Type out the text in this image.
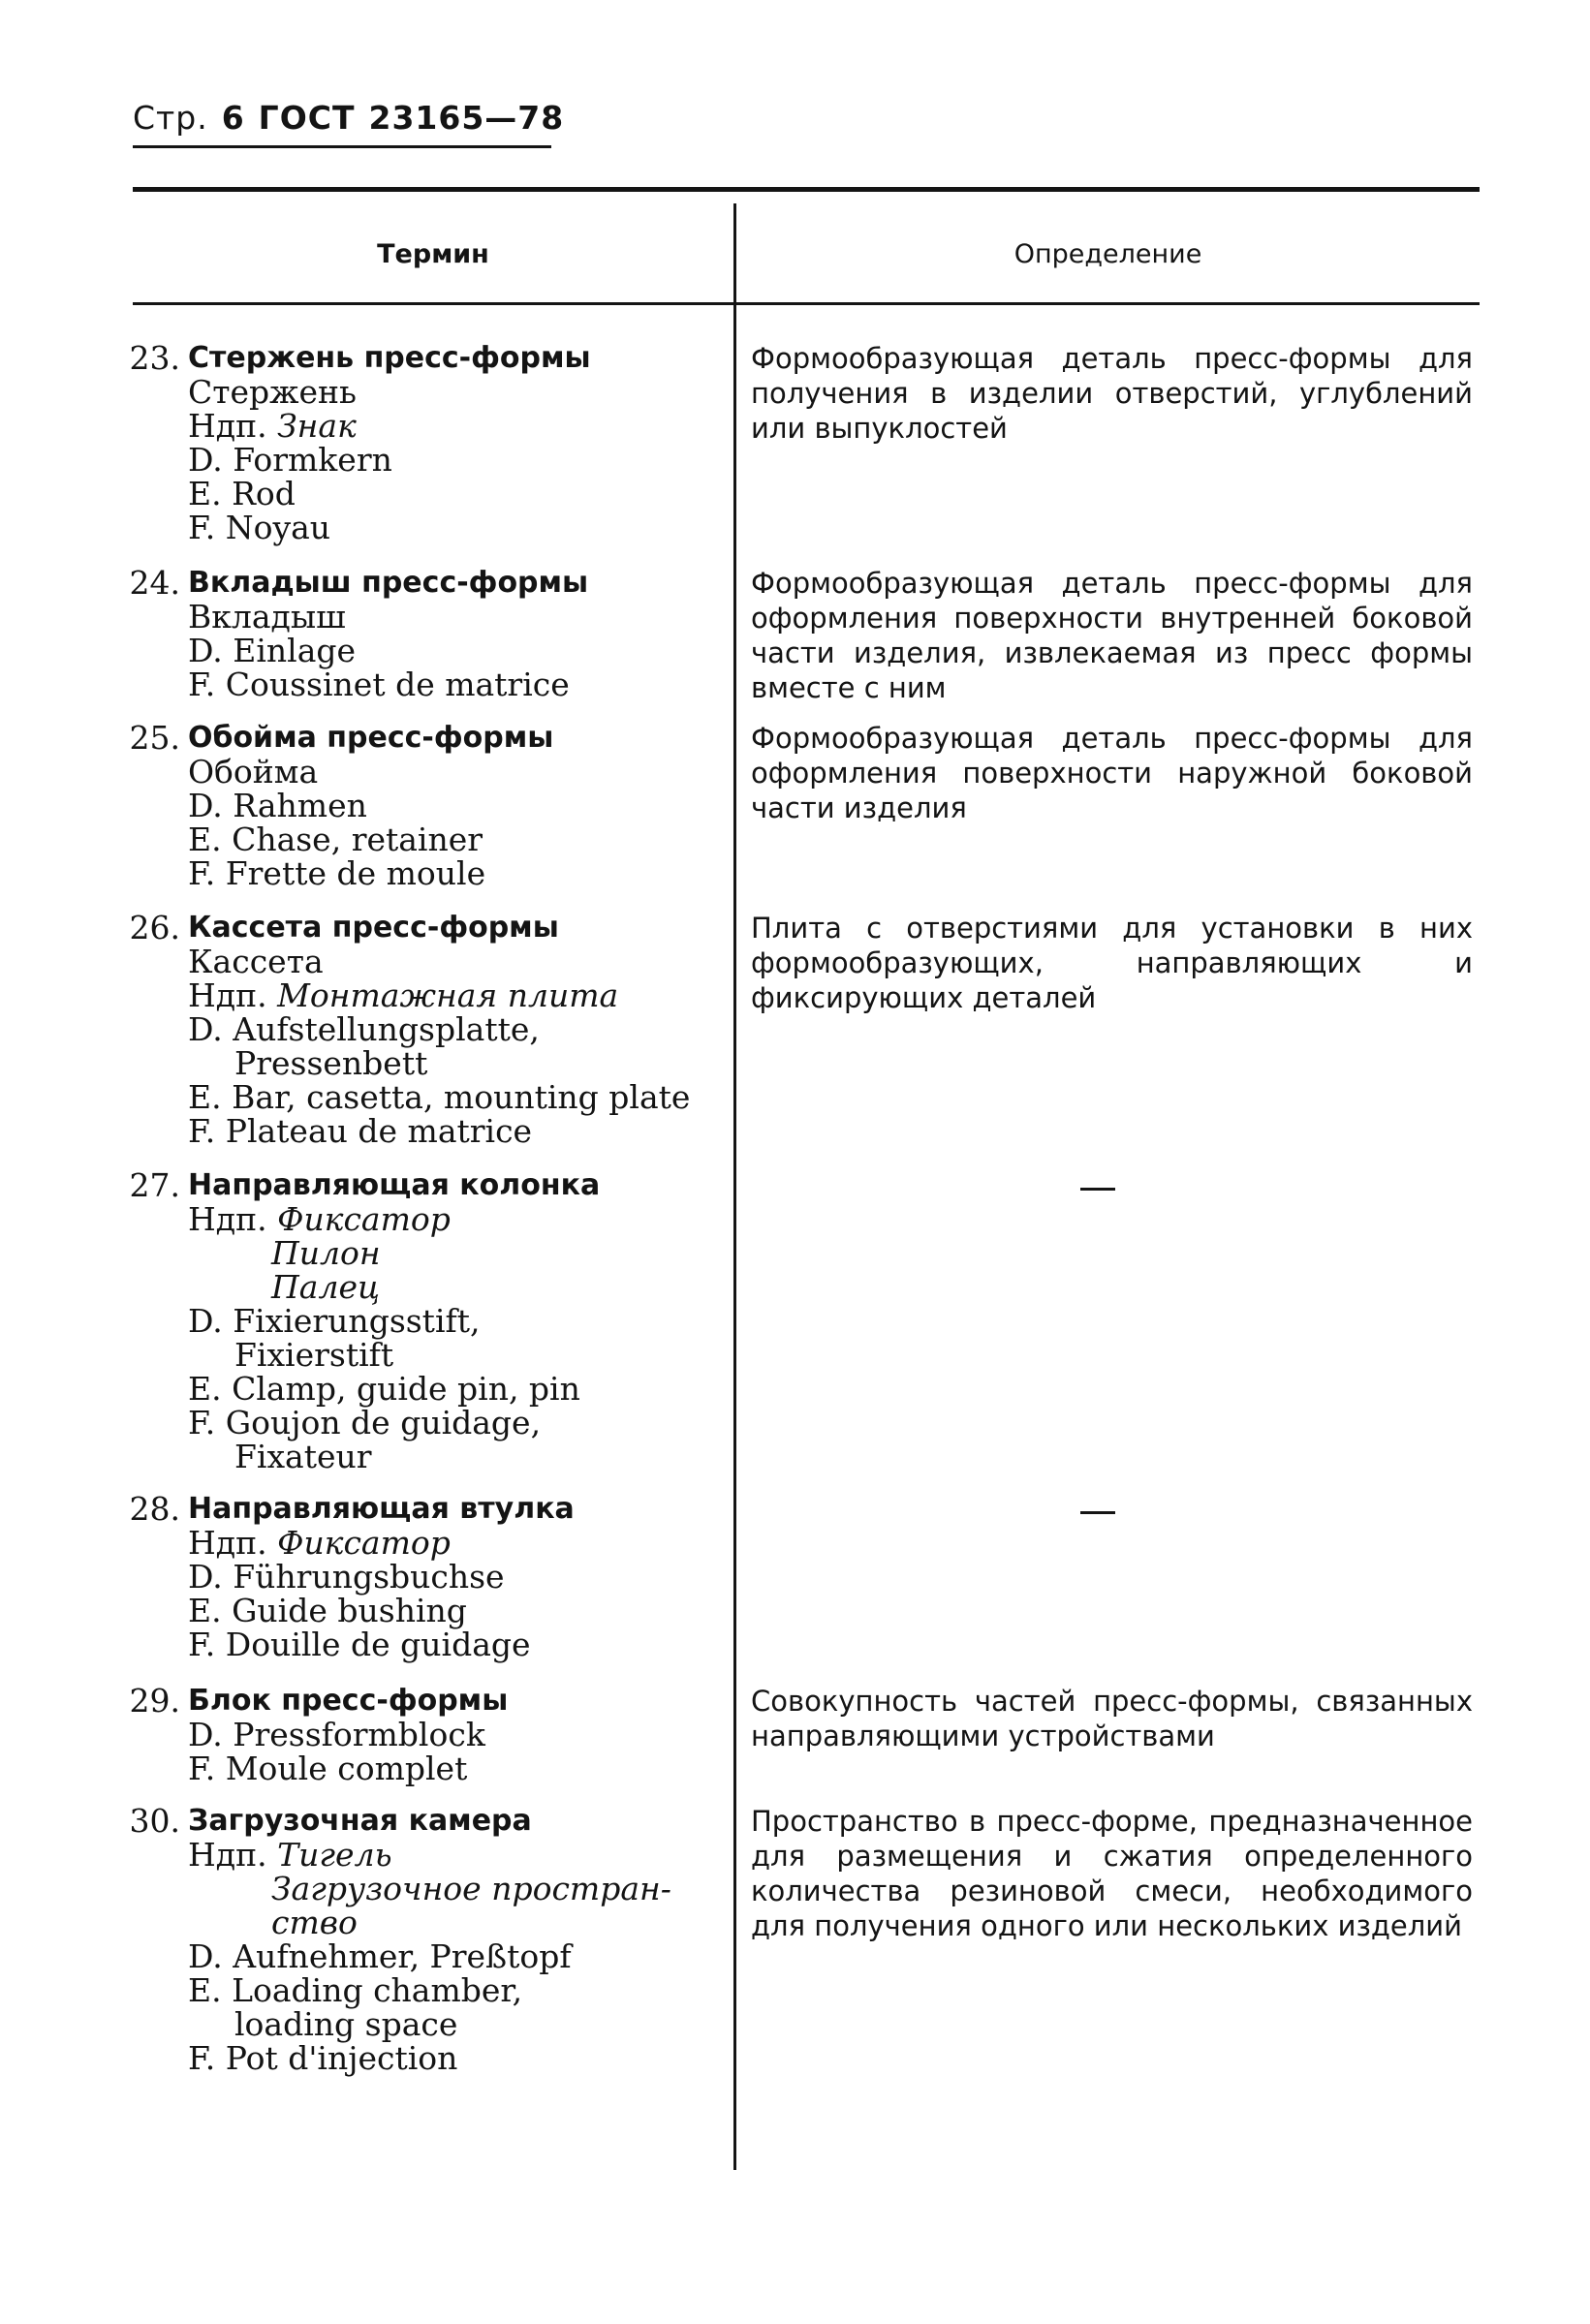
Стр. 6 ГОСТ 23165—78
Термин	Определение
23. Стержень пресс-формы
Стержень
Ндп. Знак
D. Formkern
E. Rod
F. Noyau
Формообразующая деталь пресс-формы для получения в изделии отверстий, углублений или выпуклостей
24. Вкладыш пресс-формы
Вкладыш
D. Einlage
F. Coussinet de matrice
Формообразующая деталь пресс-формы для оформления поверхности внутренней боковой части изделия, извлекаемая из пресс формы вместе с ним
25. Обойма пресс-формы
Обойма
D. Rahmen
E. Chase, retainer
F. Frette de moule
Формообразующая деталь пресс-формы для оформления поверхности наружной боковой части изделия
26. Кассета пресс-формы
Кассета
Ндп. Монтажная плита
D. Aufstellungsplatte,
Pressenbett
E. Bar, casetta, mounting plate
F. Plateau de matrice
Плита с отверстиями для установки в них формообразующих, направляющих и фиксирующих деталей
27. Направляющая колонка
Ндп. Фиксатор
Пилон
Палец
D. Fixierungsstift,
Fixierstift
E. Clamp, guide pin, pin
F. Goujon de guidage,
Fixateur
28. Направляющая втулка
Ндп. Фиксатор
D. Führungsbuchse
E. Guide bushing
F. Douille de guidage
29. Блок пресс-формы
D. Pressformblock
F. Moule complet
Совокупность частей пресс-формы, связанных направляющими устройствами
30. Загрузочная камера
Ндп. Тигель
Загрузочное простран-
ство
D. Aufnehmer, Preßtopf
E. Loading chamber,
loading space
F. Pot d'injection
Пространство в пресс-форме, предназначенное для размещения и сжатия определенного количества резиновой смеси, необходимого для получения одного или нескольких изделий
